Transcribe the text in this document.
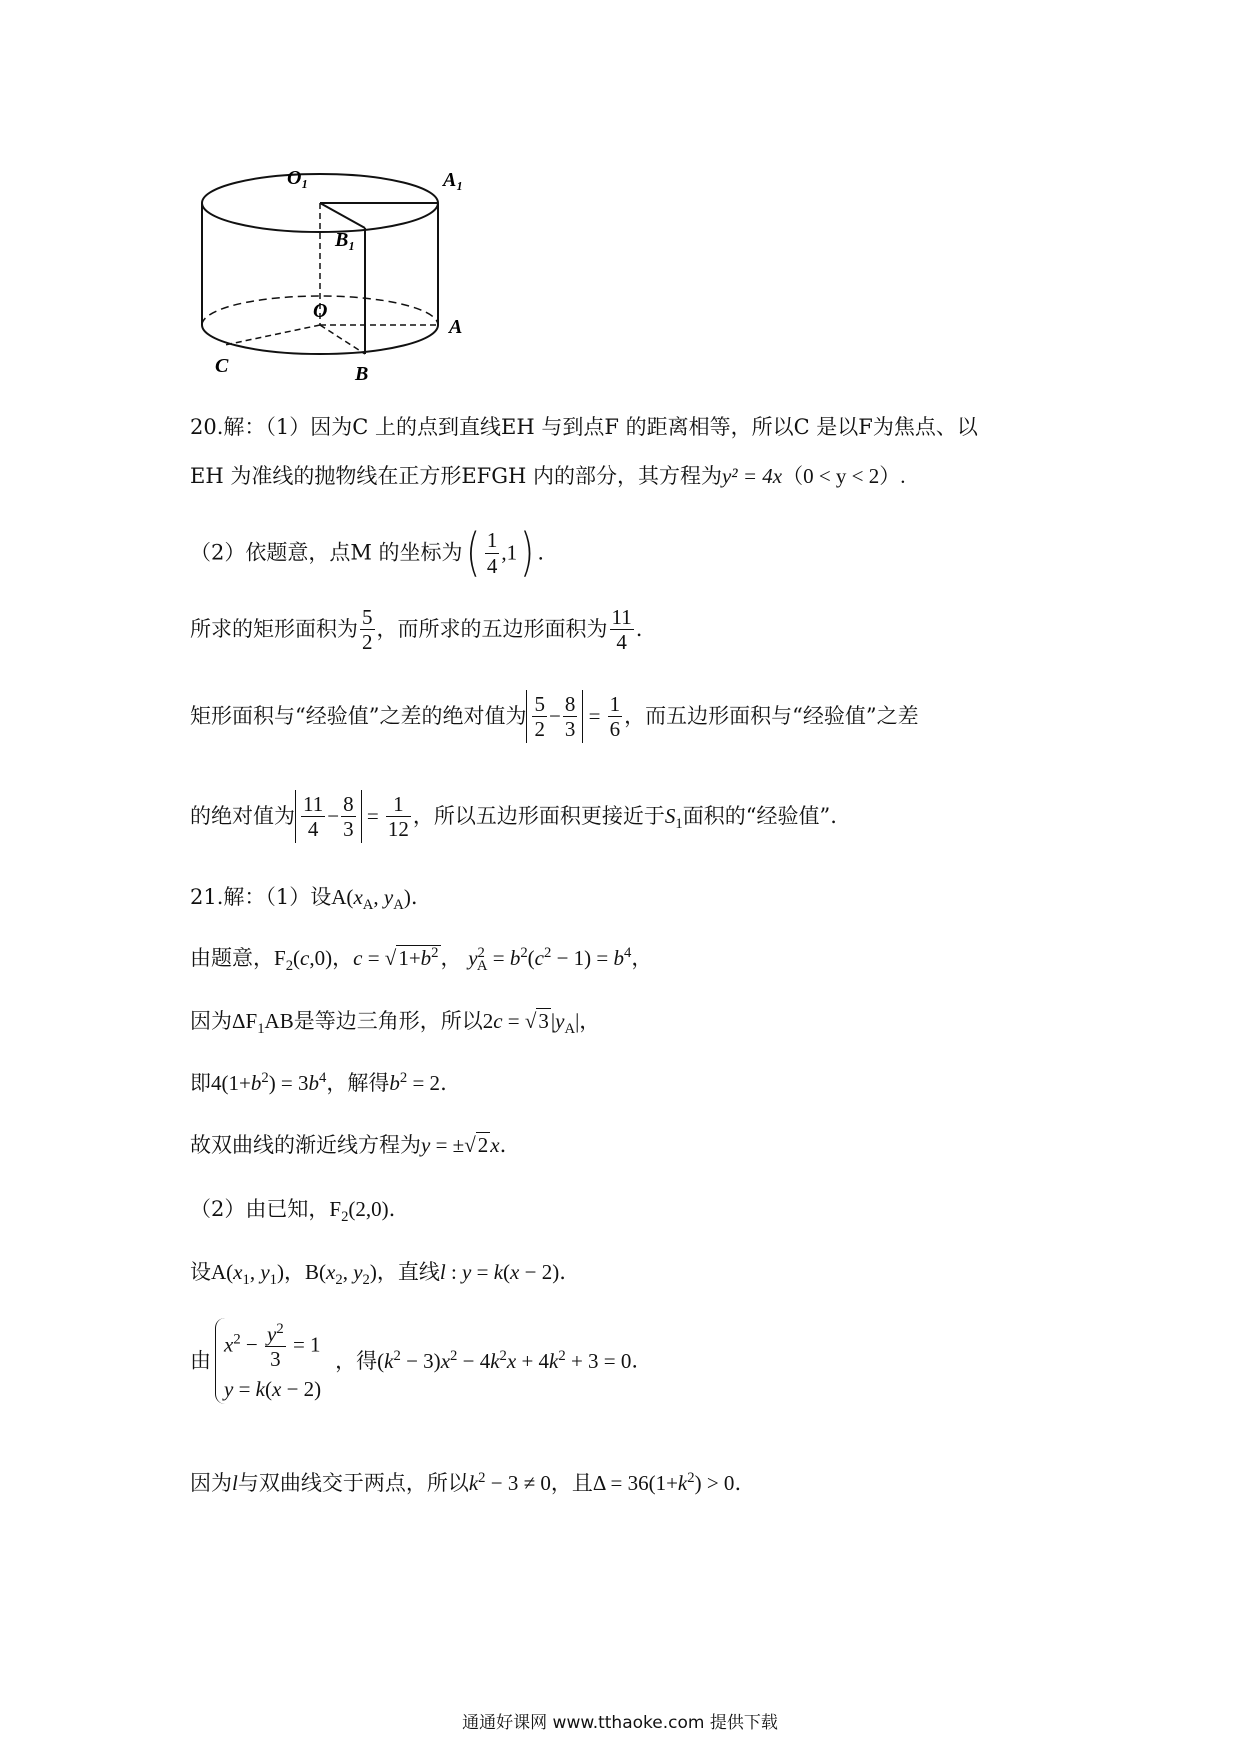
O₁	A₁
B₁
O
A
B
C
20.解：（1）因为C 上的点到直线EH 与到点F 的距离相等，所以C 是以F为焦点、以
EH 为准线的抛物线在正方形EFGH 内的部分，其方程为y² = 4x（0 < y < 2）.
（2）依题意，点M 的坐标为( $\frac{1}{4} ,1$) .
所求的矩形面积为 $\frac{5}{2}$ ，而所求的五边形面积为 $\frac{11}{4}$ .
矩形面积与“经验值”之差的绝对值为 $\frac{5}{2} - \frac{8}{3} = \frac{1}{6}$ ，而五边形面积与“经验值”之差
的绝对值为 $\frac{11}{4} - \frac{8}{3} = \frac{1}{12}$ ，所以五边形面积更接近于$S_1$面积的“经验值”.
21.解：（1）设$A(x_A$, $y_A$).
由题意，$F_2(c,0)$，$c = √1+b^2$， $y^2_A = b^2(c^2 - 1) = b^4$，
因为$\Delta F_1AB$是等边三角形，所以$2c = √3|y_A|$，
即$4(1+b^2) = 3b^4$，解得$b^2 = 2$.
故双曲线的渐近线方程为y = ±√2x.
（2）由已知，$F_2(2,0)$.
设$A(x_1$, $y_1$)，$B(x_2$, $y_2$)，直线l : y = k(x − 2).
由
$x^2 - \frac{y^2}{3} = 1$
y = k(x − 2)
，得$(k^2 - 3)x^2 - 4k^2x + 4k^2 + 3 = 0$.
因为l与双曲线交于两点，所以$k^2 - 3 \ne 0$，且$\Delta = 36(1+k^2) > 0$.
通通好课网 www.tthaoke.com 提供下载
